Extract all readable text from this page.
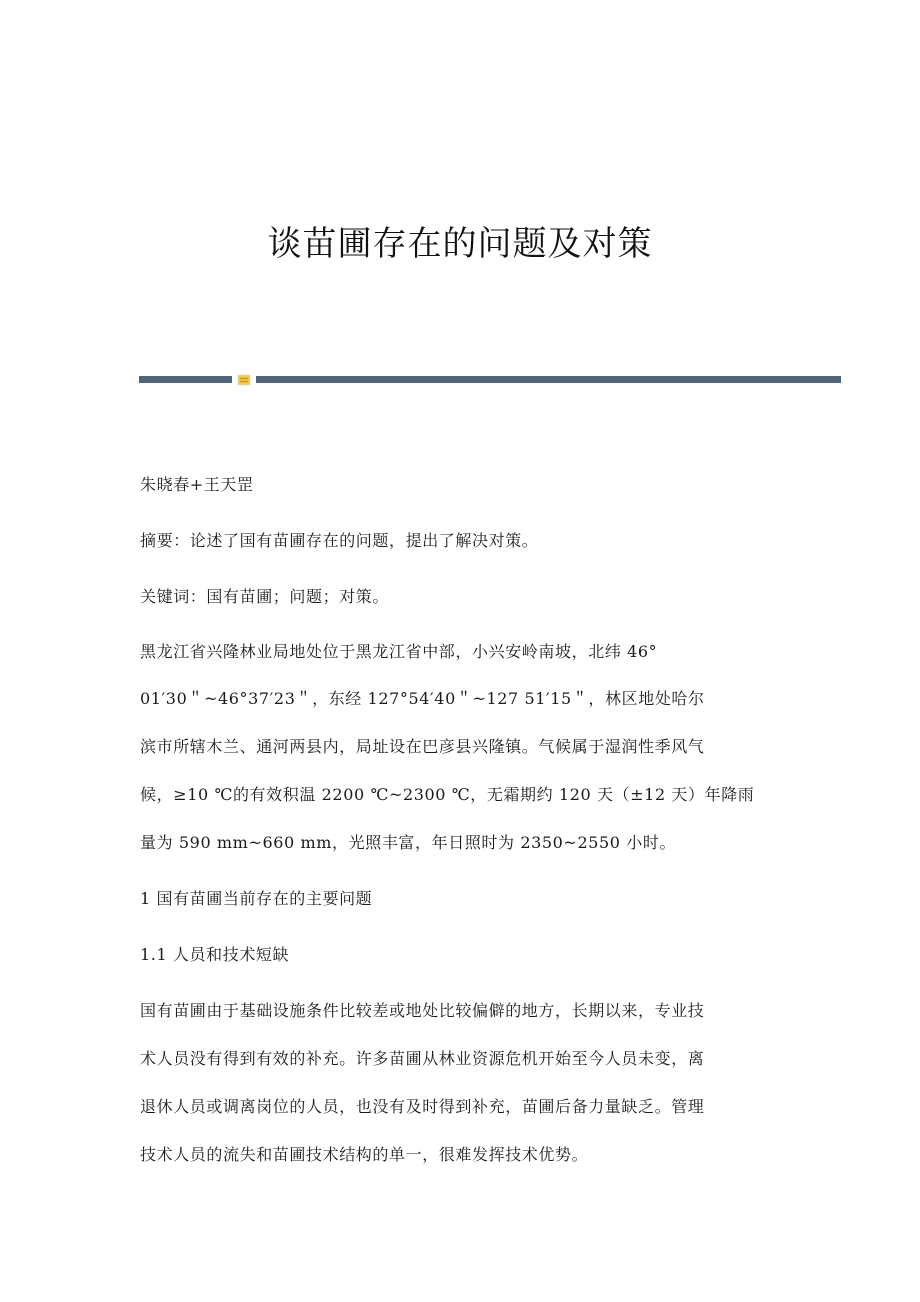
谈苗圃存在的问题及对策
朱晓春+王天罡
摘要：论述了国有苗圃存在的问题，提出了解决对策。
关键词：国有苗圃；问题；对策。
黑龙江省兴隆林业局地处位于黑龙江省中部，小兴安岭南坡，北纬 46°
01′30＂~46°37′23＂，东经 127°54′40＂~127 51′15＂，林区地处哈尔
滨市所辖木兰、通河两县内，局址设在巴彦县兴隆镇。气候属于湿润性季风气
候，≥10 ℃的有效积温 2200 ℃~2300 ℃，无霜期约 120 天（±12 天）年降雨
量为 590 mm~660 mm，光照丰富，年日照时为 2350~2550 小时。
1 国有苗圃当前存在的主要问题
1.1 人员和技术短缺
国有苗圃由于基础设施条件比较差或地处比较偏僻的地方，长期以来，专业技
术人员没有得到有效的补充。许多苗圃从林业资源危机开始至今人员未变，离
退休人员或调离岗位的人员，也没有及时得到补充，苗圃后备力量缺乏。管理
技术人员的流失和苗圃技术结构的单一，很难发挥技术优势。
